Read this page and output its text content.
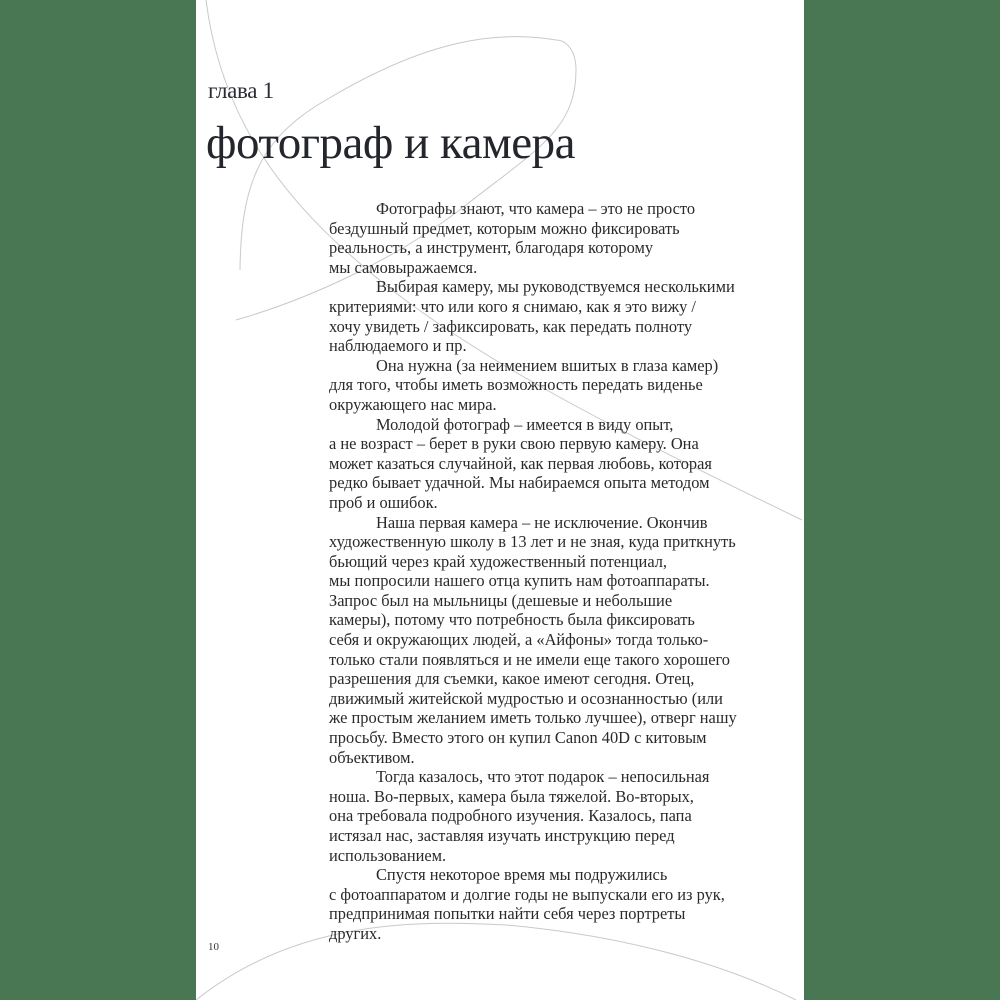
глава 1
фотограф и камера
Фотографы знают, что камера – это не просто
бездушный предмет, которым можно фиксировать
реальность, а инструмент, благодаря которому
мы самовыражаемся.
Выбирая камеру, мы руководствуемся несколькими
критериями: что или кого я снимаю, как я это вижу /
хочу увидеть / зафиксировать, как передать полноту
наблюдаемого и пр.
Она нужна (за неимением вшитых в глаза камер)
для того, чтобы иметь возможность передать виденье
окружающего нас мира.
Молодой фотограф – имеется в виду опыт,
а не возраст – берет в руки свою первую камеру. Она
может казаться случайной, как первая любовь, которая
редко бывает удачной. Мы набираемся опыта методом
проб и ошибок.
Наша первая камера – не исключение. Окончив
художественную школу в 13 лет и не зная, куда приткнуть
бьющий через край художественный потенциал,
мы попросили нашего отца купить нам фотоаппараты.
Запрос был на мыльницы (дешевые и небольшие
камеры), потому что потребность была фиксировать
себя и окружающих людей, а «Айфоны» тогда только-
только стали появляться и не имели еще такого хорошего
разрешения для съемки, какое имеют сегодня. Отец,
движимый житейской мудростью и осознанностью (или
же простым желанием иметь только лучшее), отверг нашу
просьбу. Вместо этого он купил Canon 40D с китовым
объективом.
Тогда казалось, что этот подарок – непосильная
ноша. Во-первых, камера была тяжелой. Во-вторых,
она требовала подробного изучения. Казалось, папа
истязал нас, заставляя изучать инструкцию перед
использованием.
Спустя некоторое время мы подружились
с фотоаппаратом и долгие годы не выпускали его из рук,
предпринимая попытки найти себя через портреты
других.
10
